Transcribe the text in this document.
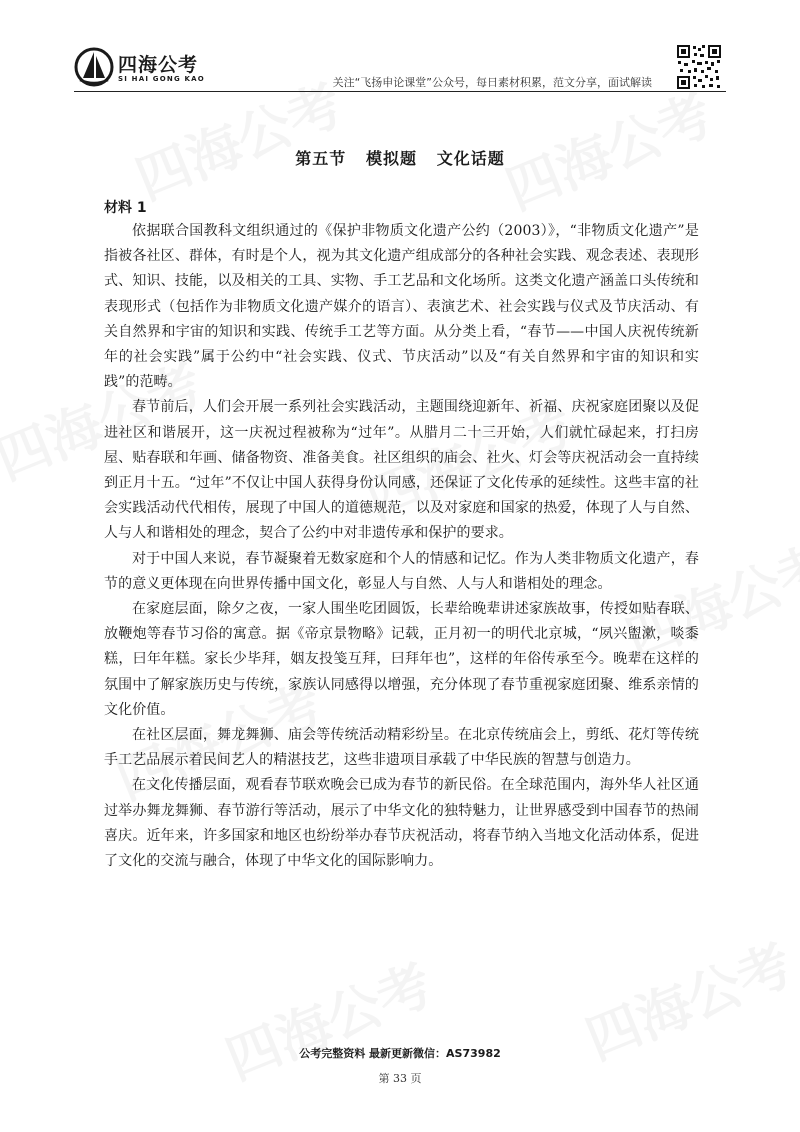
四海公考
SI HAI GONG KAO	关注“飞扬申论课堂”公众号，每日素材积累，范文分享，面试解读
第五节   模拟题   文化话题
材料 1

依据联合国教科文组织通过的《保护非物质文化遗产公约（2003）》，“非物质文化遗产”是指被各社区、群体，有时是个人，视为其文化遗产组成部分的各种社会实践、观念表述、表现形式、知识、技能，以及相关的工具、实物、手工艺品和文化场所。这类文化遗产涵盖口头传统和表现形式（包括作为非物质文化遗产媒介的语言）、表演艺术、社会实践与仪式及节庆活动、有关自然界和宇宙的知识和实践、传统手工艺等方面。从分类上看，“春节——中国人庆祝传统新年的社会实践”属于公约中“社会实践、仪式、节庆活动”以及“有关自然界和宇宙的知识和实践”的范畴。

春节前后，人们会开展一系列社会实践活动，主题围绕迎新年、祈福、庆祝家庭团聚以及促进社区和谐展开，这一庆祝过程被称为“过年”。从腊月二十三开始，人们就忙碌起来，打扫房屋、贴春联和年画、储备物资、准备美食。社区组织的庙会、社火、灯会等庆祝活动会一直持续到正月十五。“过年”不仅让中国人获得身份认同感，还保证了文化传承的延续性。这些丰富的社会实践活动代代相传，展现了中国人的道德规范，以及对家庭和国家的热爱，体现了人与自然、人与人和谐相处的理念，契合了公约中对非遗传承和保护的要求。

对于中国人来说，春节凝聚着无数家庭和个人的情感和记忆。作为人类非物质文化遗产，春节的意义更体现在向世界传播中国文化，彰显人与自然、人与人和谐相处的理念。

在家庭层面，除夕之夜，一家人围坐吃团圆饭，长辈给晚辈讲述家族故事，传授如贴春联、放鞭炮等春节习俗的寓意。据《帝京景物略》记载，正月初一的明代北京城，“夙兴盥漱，啖黍糕，曰年年糕。家长少毕拜，姻友投笺互拜，曰拜年也”，这样的年俗传承至今。晚辈在这样的氛围中了解家族历史与传统，家族认同感得以增强，充分体现了春节重视家庭团聚、维系亲情的文化价值。

在社区层面，舞龙舞狮、庙会等传统活动精彩纷呈。在北京传统庙会上，剪纸、花灯等传统手工艺品展示着民间艺人的精湛技艺，这些非遗项目承载了中华民族的智慧与创造力。

在文化传播层面，观看春节联欢晚会已成为春节的新民俗。在全球范围内，海外华人社区通过举办舞龙舞狮、春节游行等活动，展示了中华文化的独特魅力，让世界感受到中国春节的热闹喜庆。近年来，许多国家和地区也纷纷举办春节庆祝活动，将春节纳入当地文化活动体系，促进了文化的交流与融合，体现了中华文化的国际影响力。

公考完整资料 最新更新微信：AS73982
第 33 页
